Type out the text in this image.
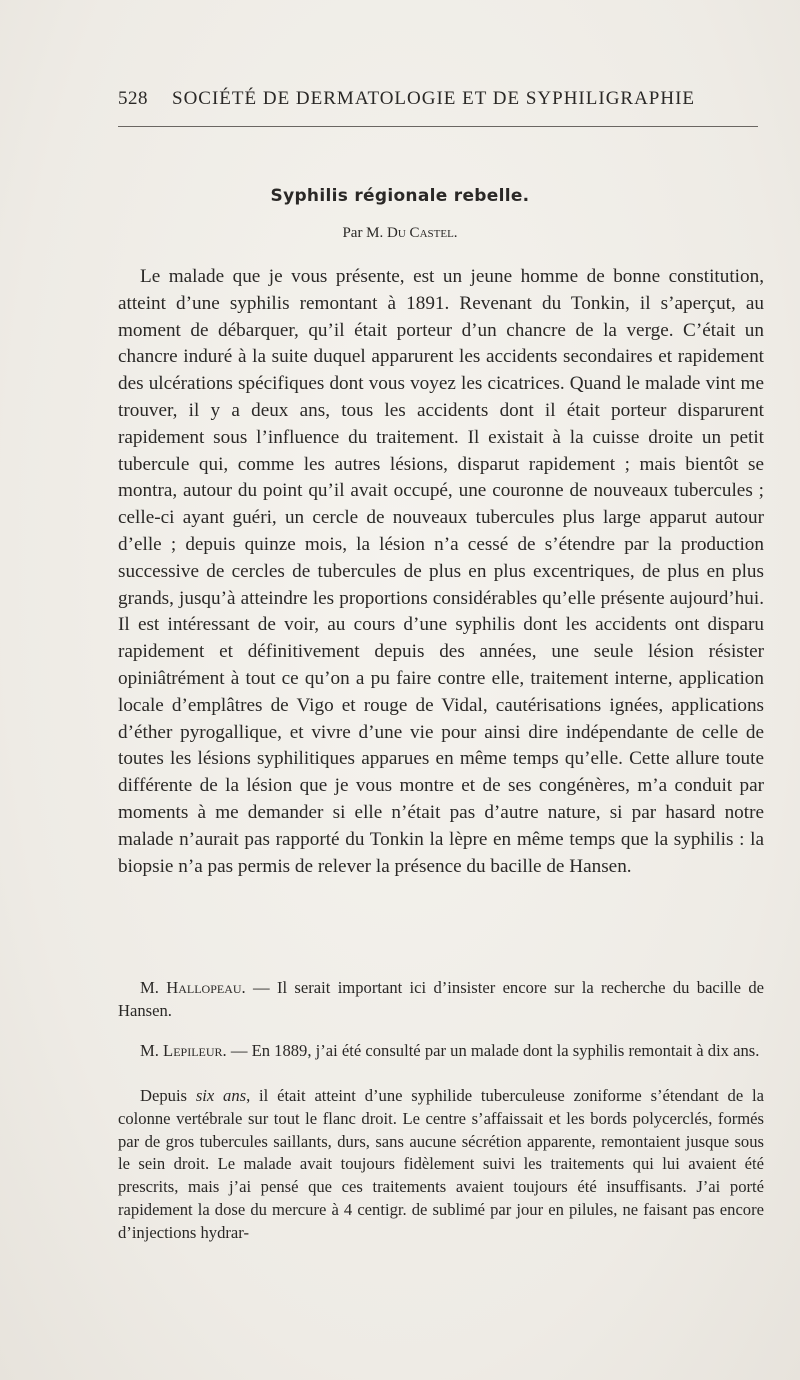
528 SOCIÉTÉ DE DERMATOLOGIE ET DE SYPHILIGRAPHIE
Syphilis régionale rebelle.
Par M. Du Castel.

Le malade que je vous présente, est un jeune homme de bonne constitution, atteint d’une syphilis remontant à 1891. Revenant du Tonkin, il s’aperçut, au moment de débarquer, qu’il était porteur d’un chancre de la verge. C’était un chancre induré à la suite duquel apparurent les accidents secondaires et rapidement des ulcérations spécifiques dont vous voyez les cicatrices. Quand le malade vint me trouver, il y a deux ans, tous les accidents dont il était porteur disparurent rapidement sous l’influence du traitement. Il existait à la cuisse droite un petit tubercule qui, comme les autres lésions, disparut rapidement ; mais bientôt se montra, autour du point qu’il avait occupé, une couronne de nouveaux tubercules ; celle-ci ayant guéri, un cercle de nouveaux tubercules plus large apparut autour d’elle ; depuis quinze mois, la lésion n’a cessé de s’étendre par la production successive de cercles de tubercules de plus en plus excentriques, de plus en plus grands, jusqu’à atteindre les proportions considérables qu’elle présente aujourd’hui. Il est intéressant de voir, au cours d’une syphilis dont les accidents ont disparu rapidement et définitivement depuis des années, une seule lésion résister opiniâtrément à tout ce qu’on a pu faire contre elle, traitement interne, application locale d’emplâtres de Vigo et rouge de Vidal, cautérisations ignées, applications d’éther pyrogallique, et vivre d’une vie pour ainsi dire indépendante de celle de toutes les lésions syphilitiques apparues en même temps qu’elle. Cette allure toute différente de la lésion que je vous montre et de ses congénères, m’a conduit par moments à me demander si elle n’était pas d’autre nature, si par hasard notre malade n’aurait pas rapporté du Tonkin la lèpre en même temps que la syphilis : la biopsie n’a pas permis de relever la présence du bacille de Hansen.

M. Hallopeau. — Il serait important ici d’insister encore sur la recherche du bacille de Hansen.
M. Lepileur. — En 1889, j’ai été consulté par un malade dont la syphilis remontait à dix ans.
Depuis six ans, il était atteint d’une syphilide tuberculeuse zoniforme s’étendant de la colonne vertébrale sur tout le flanc droit. Le centre s’affaissait et les bords polycerclés, formés par de gros tubercules saillants, durs, sans aucune sécrétion apparente, remontaient jusque sous le sein droit. Le malade avait toujours fidèlement suivi les traitements qui lui avaient été prescrits, mais j’ai pensé que ces traitements avaient toujours été insuffisants. J’ai porté rapidement la dose du mercure à 4 centigr. de sublimé par jour en pilules, ne faisant pas encore d’injections hydrar-
